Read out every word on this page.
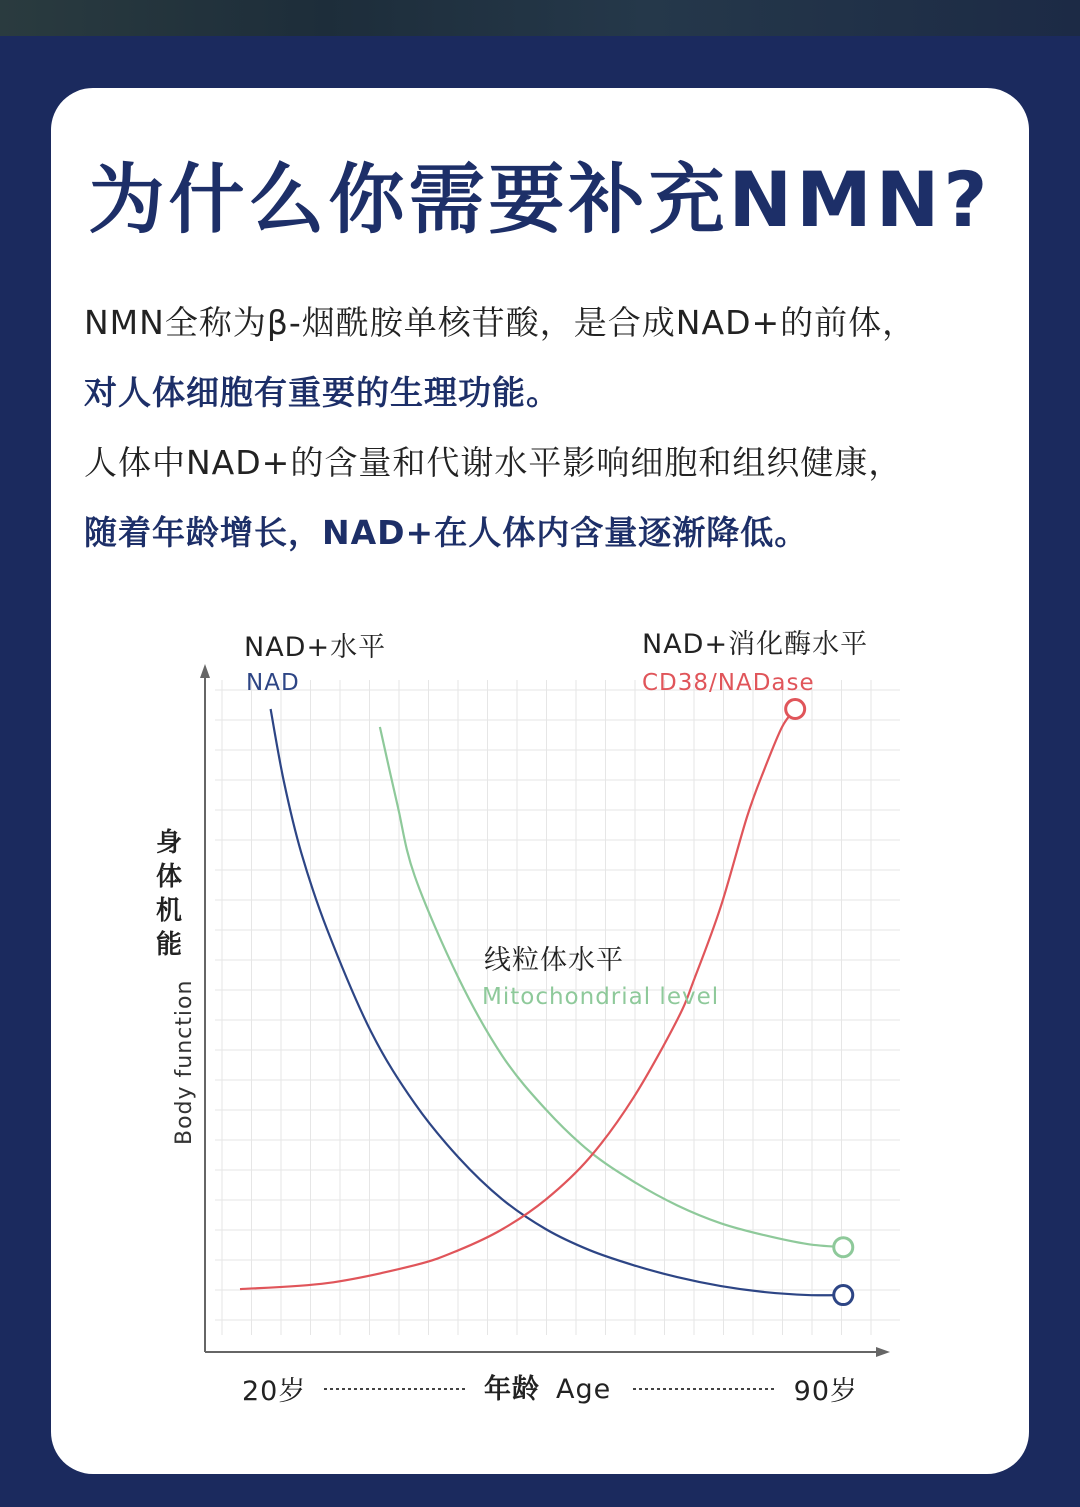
为什么你需要补充NMN?
NMN全称为β-烟酰胺单核苷酸，是合成NAD+的前体，
对人体细胞有重要的生理功能。
人体中NAD+的含量和代谢水平影响细胞和组织健康，
随着年龄增长，NAD+在人体内含量逐渐降低。
NAD+水平
NAD
NAD+消化酶水平
CD38/NADase
线粒体水平
Mitochondrial level
20岁	90岁
年龄 Age
身
体
机
能
Body function
